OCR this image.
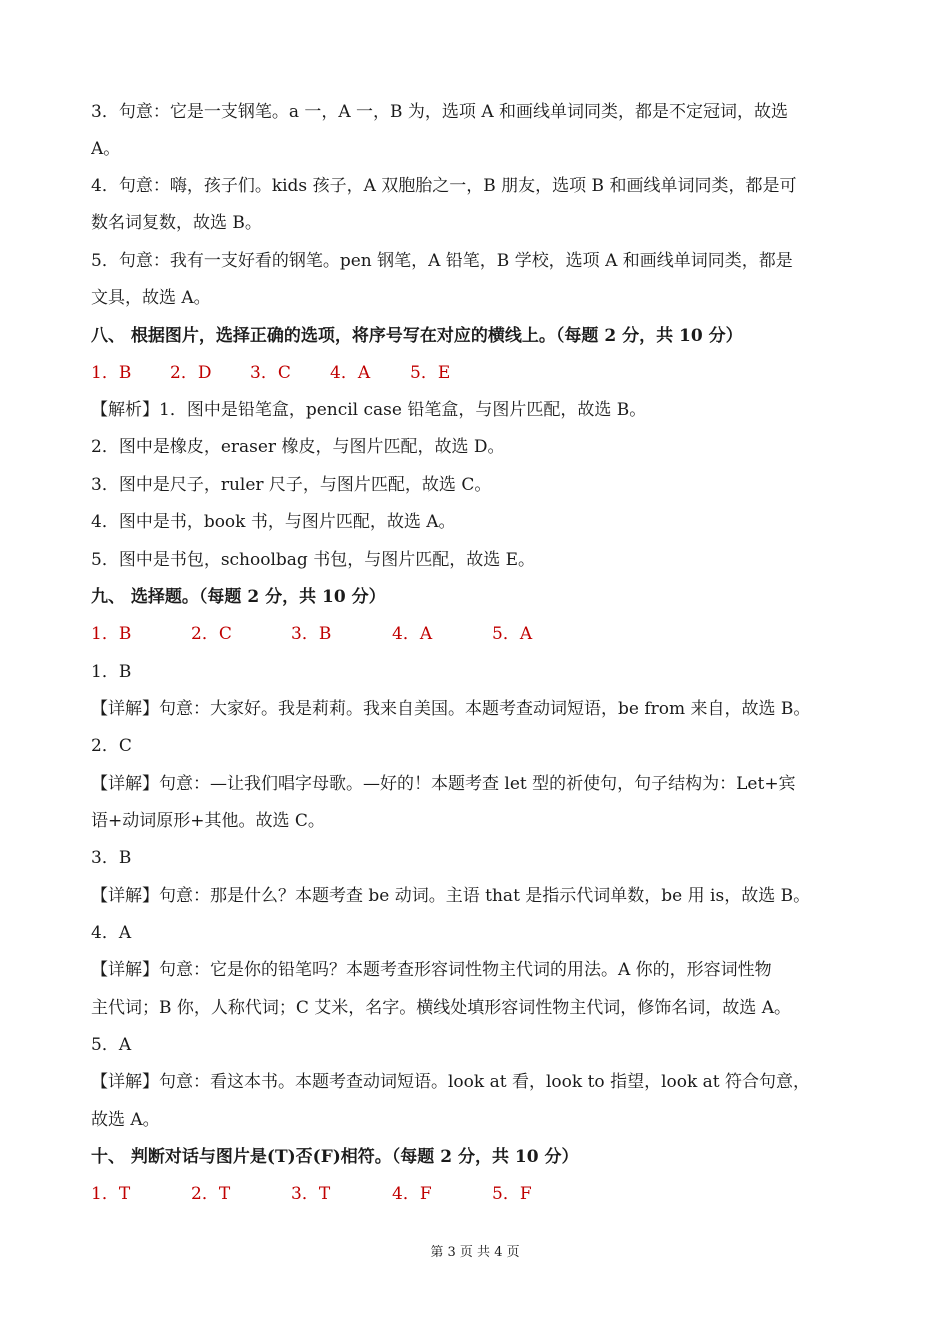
3．句意：它是一支钢笔。a 一，A 一，B 为，选项 A 和画线单词同类，都是不定冠词，故选
A。
4．句意：嗨，孩子们。kids 孩子，A 双胞胎之一，B 朋友，选项 B 和画线单词同类，都是可
数名词复数，故选 B。
5．句意：我有一支好看的钢笔。pen 钢笔，A 铅笔，B 学校，选项 A 和画线单词同类，都是
文具，故选 A。
八、 根据图片，选择正确的选项，将序号写在对应的横线上。（每题 2 分，共 10 分）
1．B 2．D 3．C 4．A 5．E
【解析】1．图中是铅笔盒，pencil case 铅笔盒，与图片匹配，故选 B。
2．图中是橡皮，eraser 橡皮，与图片匹配，故选 D。
3．图中是尺子，ruler 尺子，与图片匹配，故选 C。
4．图中是书，book 书，与图片匹配，故选 A。
5．图中是书包，schoolbag 书包，与图片匹配，故选 E。
九、 选择题。（每题 2 分，共 10 分）
1．B	2．C	3．B	4．A	5．A
1．B
【详解】句意：大家好。我是莉莉。我来自美国。本题考查动词短语，be from 来自，故选 B。
2．C
【详解】句意：—让我们唱字母歌。—好的！本题考查 let 型的祈使句，句子结构为：Let+宾
语+动词原形+其他。故选 C。
3．B
【详解】句意：那是什么？本题考查 be 动词。主语 that 是指示代词单数，be 用 is，故选 B。
4．A
【详解】句意：它是你的铅笔吗？本题考查形容词性物主代词的用法。A 你的，形容词性物
主代词；B 你，人称代词；C 艾米，名字。横线处填形容词性物主代词，修饰名词，故选 A。
5．A
【详解】句意：看这本书。本题考查动词短语。look at 看，look to 指望，look at 符合句意，
故选 A。
十、 判断对话与图片是(T)否(F)相符。（每题 2 分，共 10 分）
1．T	2．T	3．T	4．F	5．F
第 3 页 共 4 页
